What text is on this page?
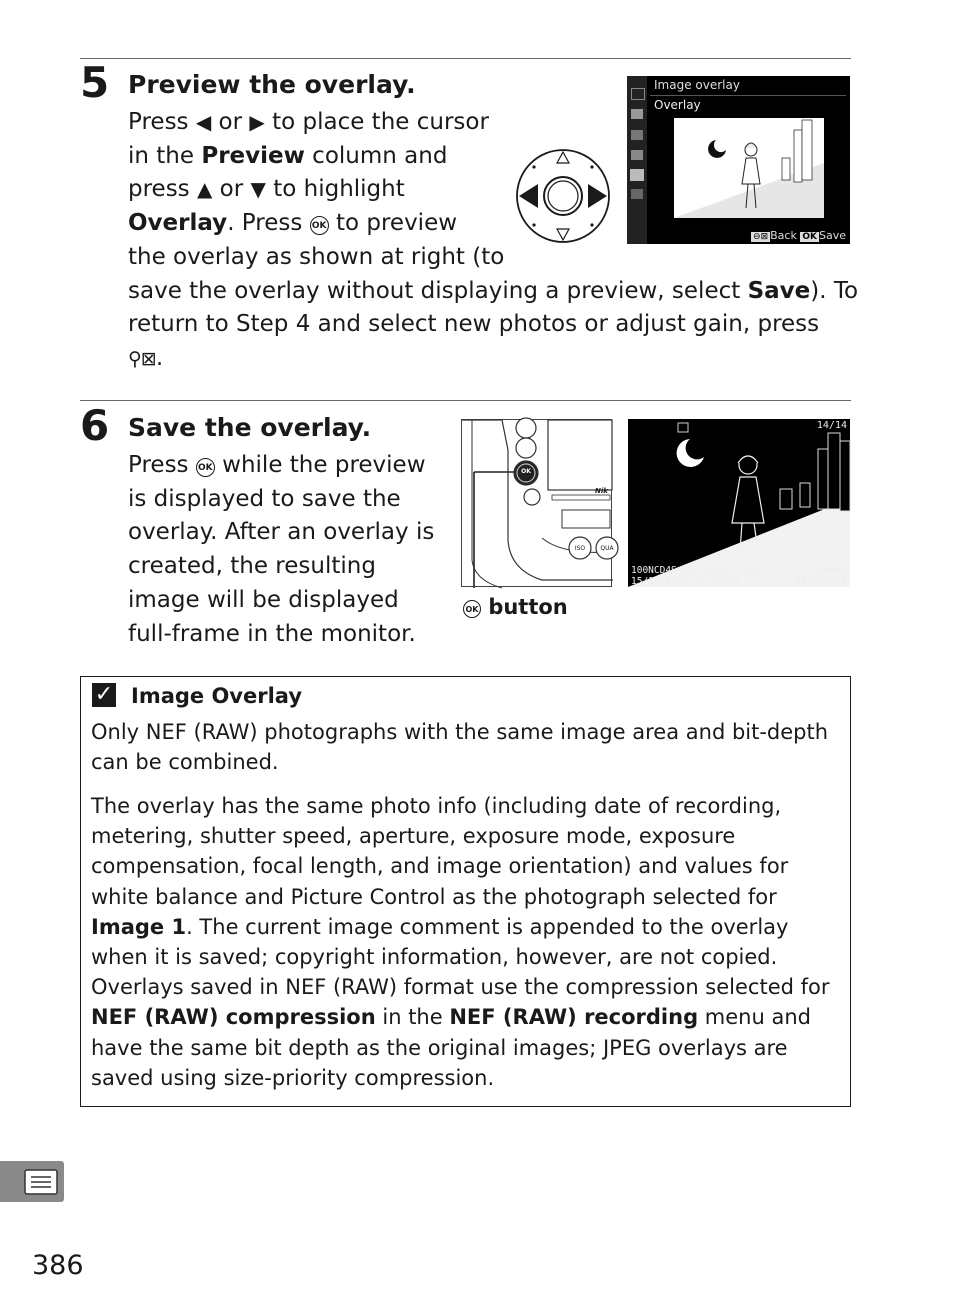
5 Preview the overlay.
Press ◀ or ▶ to place the cursor
in the Preview column and
press ▲ or ▼ to highlight
Overlay. Press OK to preview
the overlay as shown at right (to
save the overlay without displaying a preview, select Save). To
return to Step 4 and select new photos or adjust gain, press
⚲⊠.
Image overlay
Overlay
⊖⊠ Back OK Save
6 Save the overlay.
Press OK while the preview
is displayed to save the
overlay. After an overlay is
created, the resulting
image will be displayed
full-frame in the monitor.
OK
ISO	QUA
Nik
OK button
14/14
100NCD4S DSC_0014. JPG	NORMAL
15/10/2013 10:02:27	4928x3280
✓ Image Overlay
Only NEF (RAW) photographs with the same image area and bit-depth can be combined.
The overlay has the same photo info (including date of recording, metering, shutter speed, aperture, exposure mode, exposure compensation, focal length, and image orientation) and values for white balance and Picture Control as the photograph selected for Image 1. The current image comment is appended to the overlay when it is saved; copyright information, however, are not copied. Overlays saved in NEF (RAW) format use the compression selected for NEF (RAW) compression in the NEF (RAW) recording menu and have the same bit depth as the original images; JPEG overlays are saved using size-priority compression.
386
